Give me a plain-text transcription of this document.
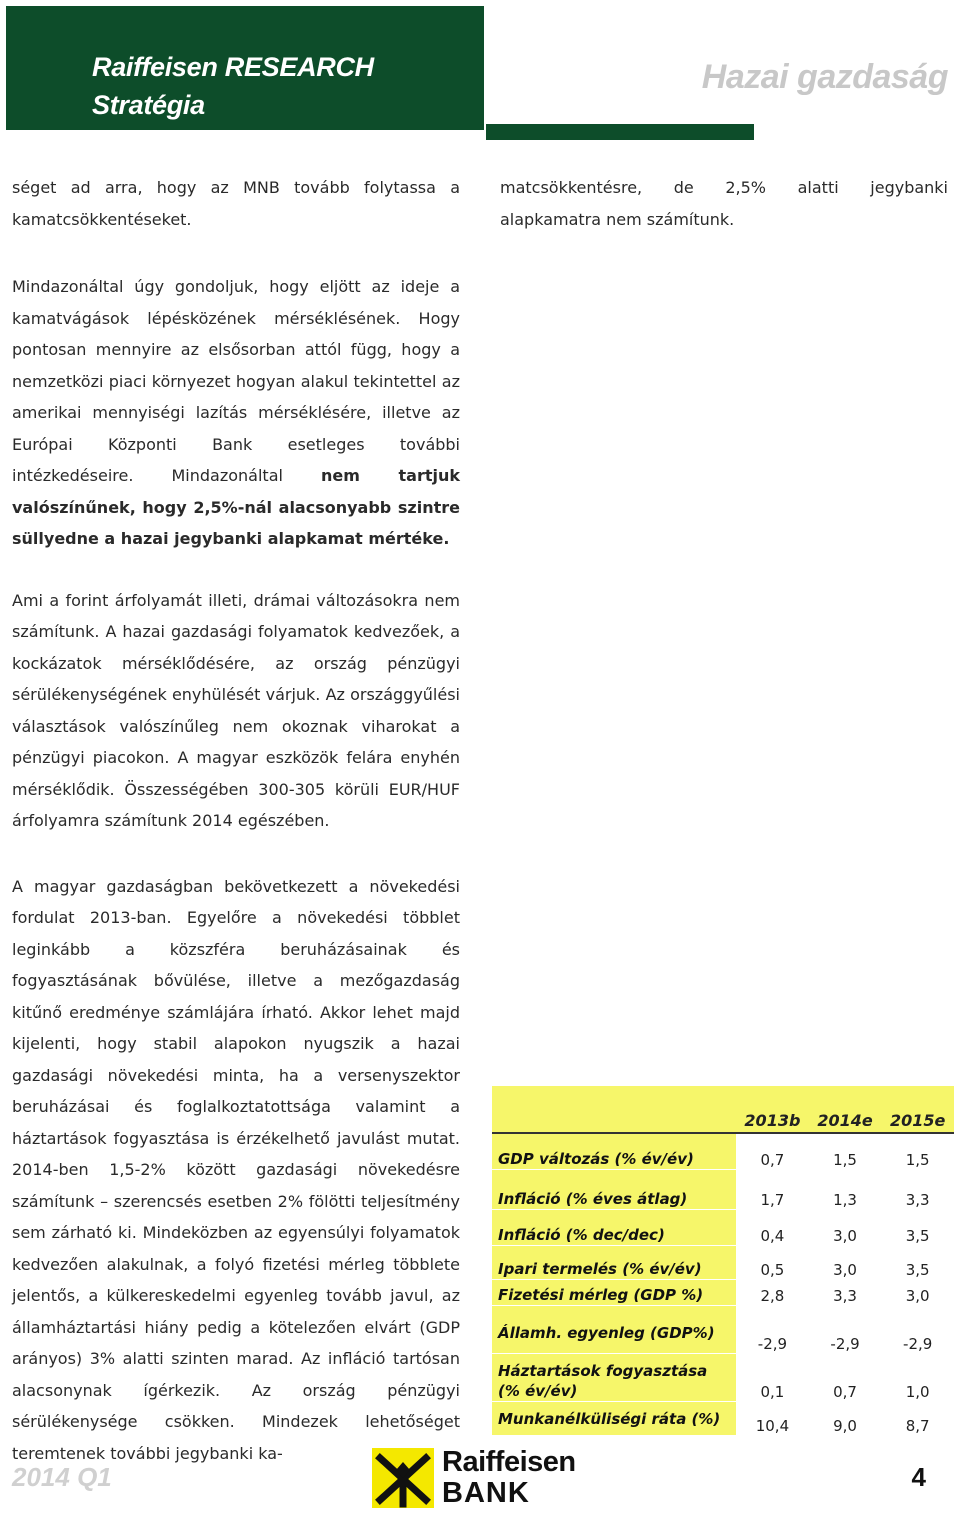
Raiffeisen RESEARCH
Stratégia
Hazai gazdaság

séget ad arra, hogy az MNB tovább folytassa a kamatcsökkentéseket.

Mindazonáltal úgy gondoljuk, hogy eljött az ideje a kamatvágások lépésközének mérséklésének. Hogy pontosan mennyire az elsősorban attól függ, hogy a nemzetközi piaci környezet hogyan alakul tekintettel az amerikai mennyiségi lazítás mérséklésére, illetve az Európai Központi Bank esetleges további intézkedéseire. Mindazonáltal nem tartjuk valószínűnek, hogy 2,5%-nál alacsonyabb szintre süllyedne a hazai jegybanki alapkamat mértéke.

Ami a forint árfolyamát illeti, drámai változásokra nem számítunk. A hazai gazdasági folyamatok kedvezőek, a kockázatok mérséklődésére, az ország pénzügyi sérülékenységének enyhülését várjuk. Az országgyűlési választások valószínűleg nem okoznak viharokat a pénzügyi piacokon. A magyar eszközök felára enyhén mérséklődik. Összességében 300-305 körüli EUR/HUF árfolyamra számítunk 2014 egészében.

A magyar gazdaságban bekövetkezett a növekedési fordulat 2013-ban. Egyelőre a növekedési többlet leginkább a közszféra beruházásainak és fogyasztásának bővülése, illetve a mezőgazdaság kitűnő eredménye számlájára írható. Akkor lehet majd kijelenti, hogy stabil alapokon nyugszik a hazai gazdasági növekedési minta, ha a versenyszektor beruházásai és foglalkoztatottsága valamint a háztartások fogyasztása is érzékelhető javulást mutat. 2014-ben 1,5-2% között gazdasági növekedésre számítunk – szerencsés esetben 2% fölötti teljesítmény sem zárható ki. Mindeközben az egyensúlyi folyamatok kedvezően alakulnak, a folyó fizetési mérleg többlete jelentős, a külkereskedelmi egyenleg tovább javul, az államháztartási hiány pedig a kötelezően elvárt (GDP arányos) 3% alatti szinten marad. Az infláció tartósan alacsonynak ígérkezik. Az ország pénzügyi sérülékenysége csökken. Mindezek lehetőséget teremtenek további jegybanki ka-

matcsökkentésre, de 2,5% alatti jegybanki alapkamatra nem számítunk.

	2013b	2014e	2015e
GDP változás (% év/év)	0,7	1,5	1,5
Infláció (% éves átlag)	1,7	1,3	3,3
Infláció (% dec/dec)	0,4	3,0	3,5
Ipari termelés (% év/év)	0,5	3,0	3,5
Fizetési mérleg (GDP %)	2,8	3,3	3,0
Államh. egyenleg (GDP%)	-2,9	-2,9	-2,9

Háztartások fogyasztása
(% év/év)	0,1	0,7	1,0
Munkanélküliségi ráta (%)	10,4	9,0	8,7
2014 Q1	Raiffeisen
BANK	4
